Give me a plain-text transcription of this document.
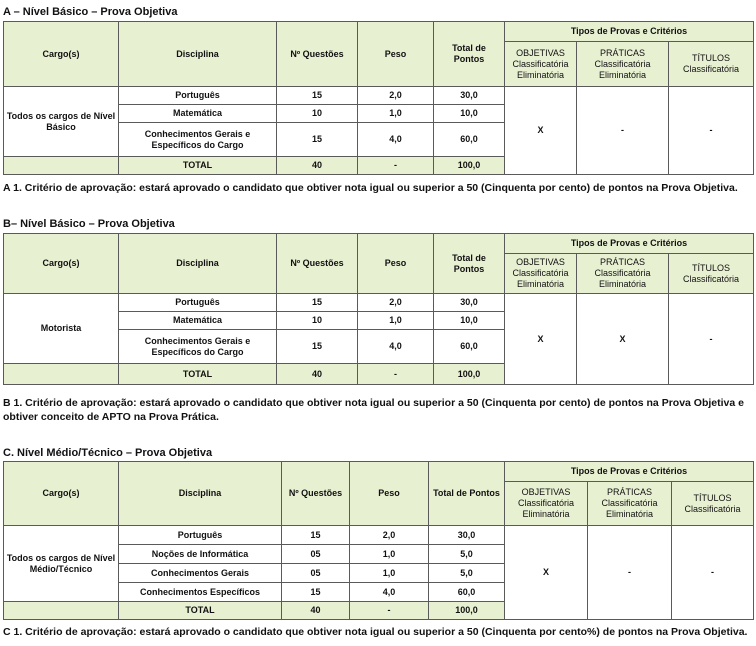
A – Nível Básico – Prova Objetiva
Cargo(s)	Disciplina	Nº Questões	Peso	Total de Pontos	Tipos de Provas e Critérios		
					OBJETIVAS Classificatória Eliminatória	PRÁTICAS Classificatória Eliminatória	TÍTULOS Classificatória
Todos os cargos de Nível Básico	Português	15	2,0	30,0	X	-	-
	Matemática	10	1,0	10,0			
	Conhecimentos Gerais e Específicos do Cargo	15	4,0	60,0			
	TOTAL	40	-	100,0			
A 1. Critério de aprovação: estará aprovado o candidato que obtiver nota igual ou superior a 50 (Cinquenta por cento) de pontos na Prova Objetiva.
B– Nível Básico – Prova Objetiva
Cargo(s)	Disciplina	Nº Questões	Peso	Total de Pontos	Tipos de Provas e Critérios		
					OBJETIVAS Classificatória Eliminatória	PRÁTICAS Classificatória Eliminatória	TÍTULOS Classificatória
Motorista	Português	15	2,0	30,0	X	X	-
	Matemática	10	1,0	10,0			
	Conhecimentos Gerais e Específicos do Cargo	15	4,0	60,0			
	TOTAL	40	-	100,0			
B 1. Critério de aprovação: estará aprovado o candidato que obtiver nota igual ou superior a 50 (Cinquenta por cento) de pontos na Prova Objetiva e obtiver conceito de APTO na Prova Prática.
C. Nível Médio/Técnico – Prova Objetiva
Cargo(s)	Disciplina	Nº Questões	Peso	Total de Pontos	Tipos de Provas e Critérios		
					OBJETIVAS Classificatória Eliminatória	PRÁTICAS Classificatória Eliminatória	TÍTULOS Classificatória
Todos os cargos de Nível Médio/Técnico	Português	15	2,0	30,0	X	-	-
	Noções de Informática	05	1,0	5,0			
	Conhecimentos Gerais	05	1,0	5,0			
	Conhecimentos Específicos	15	4,0	60,0			
	TOTAL	40	-	100,0			
C 1. Critério de aprovação: estará aprovado o candidato que obtiver nota igual ou superior a 50 (Cinquenta por cento%) de pontos na Prova Objetiva.
